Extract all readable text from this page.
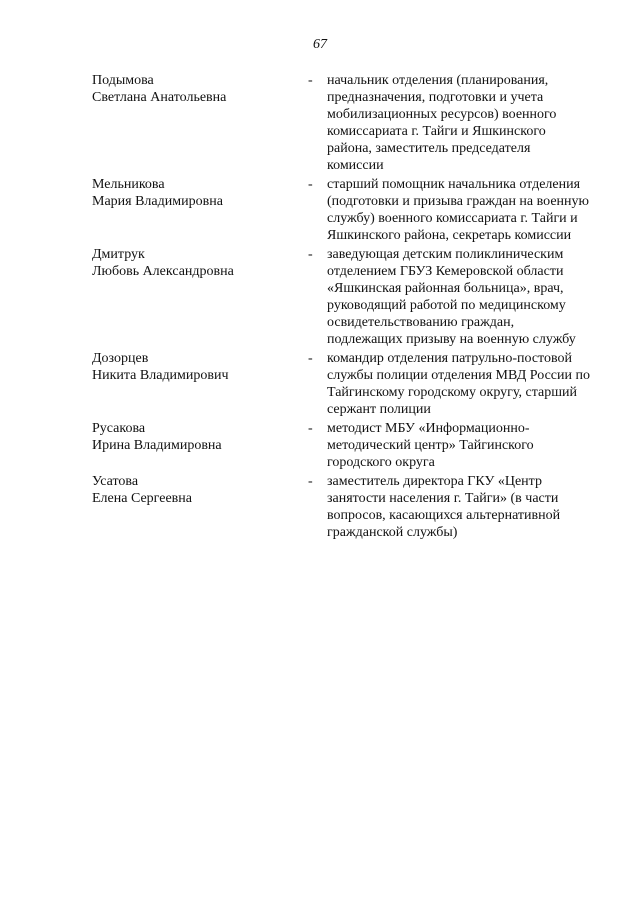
67
Подымова
Светлана Анатольевна
-	начальник отделения (планирования, предназначения, подготовки и учета мобилизационных ресурсов) военного комиссариата г. Тайги и Яшкинского района, заместитель председателя комиссии
Мельникова
Мария Владимировна
-	старший помощник начальника отделения (подготовки и призыва граждан на военную службу) военного комиссариата г. Тайги и Яшкинского района, секретарь комиссии
Дмитрук
Любовь Александровна
-	заведующая детским поликлиническим отделением ГБУЗ Кемеровской области «Яшкинская районная больница», врач, руководящий работой по медицинскому освидетельствованию граждан, подлежащих призыву на военную службу
Дозорцев
Никита Владимирович
-	командир отделения патрульно-постовой службы полиции отделения МВД России по Тайгинскому городскому округу, старший сержант полиции
Русакова
Ирина Владимировна
-	методист МБУ «Информационно-методический центр» Тайгинского городского округа
Усатова
Елена Сергеевна
-	заместитель директора ГКУ «Центр занятости населения г. Тайги» (в части вопросов, касающихся альтернативной гражданской службы)
